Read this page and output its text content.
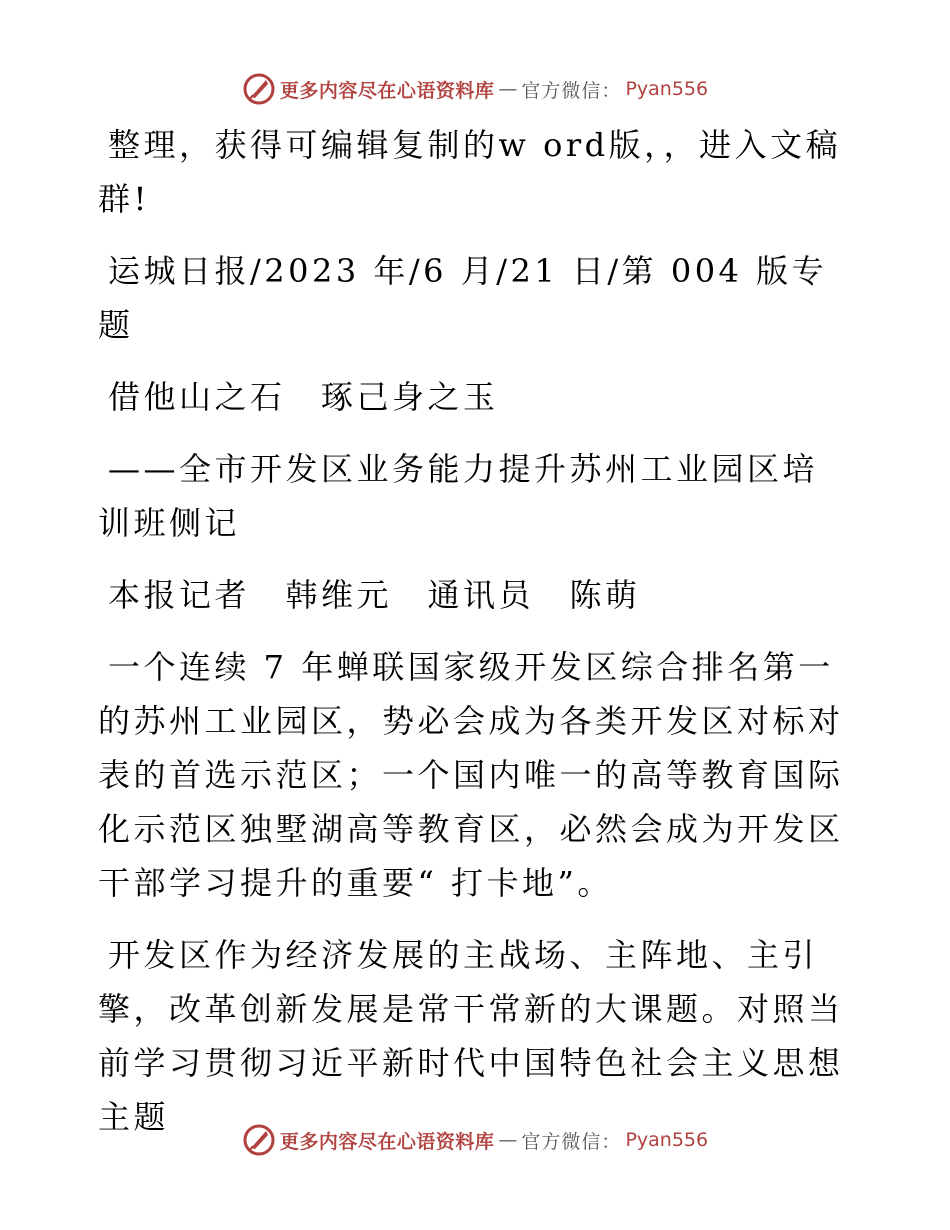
更多内容尽在心语资料库 — 官方微信： Pyan556

整理，获得可编辑复制的w ord版，，进入文稿群!

运城日报/2023 年/6 月/21 日/第 004 版专题

借他山之石　琢己身之玉

——全市开发区业务能力提升苏州工业园区培训班侧记

本报记者　韩维元　通讯员　陈萌

一个连续 7 年蝉联国家级开发区综合排名第一的苏州工业园区，势必会成为各类开发区对标对表的首选示范区；一个国内唯一的高等教育国际化示范区独墅湖高等教育区，必然会成为开发区干部学习提升的重要“ 打卡地”。

开发区作为经济发展的主战场、主阵地、主引擎，改革创新发展是常干常新的大课题。对照当前学习贯彻习近平新时代中国特色社会主义思想主题

更多内容尽在心语资料库 — 官方微信： Pyan556
